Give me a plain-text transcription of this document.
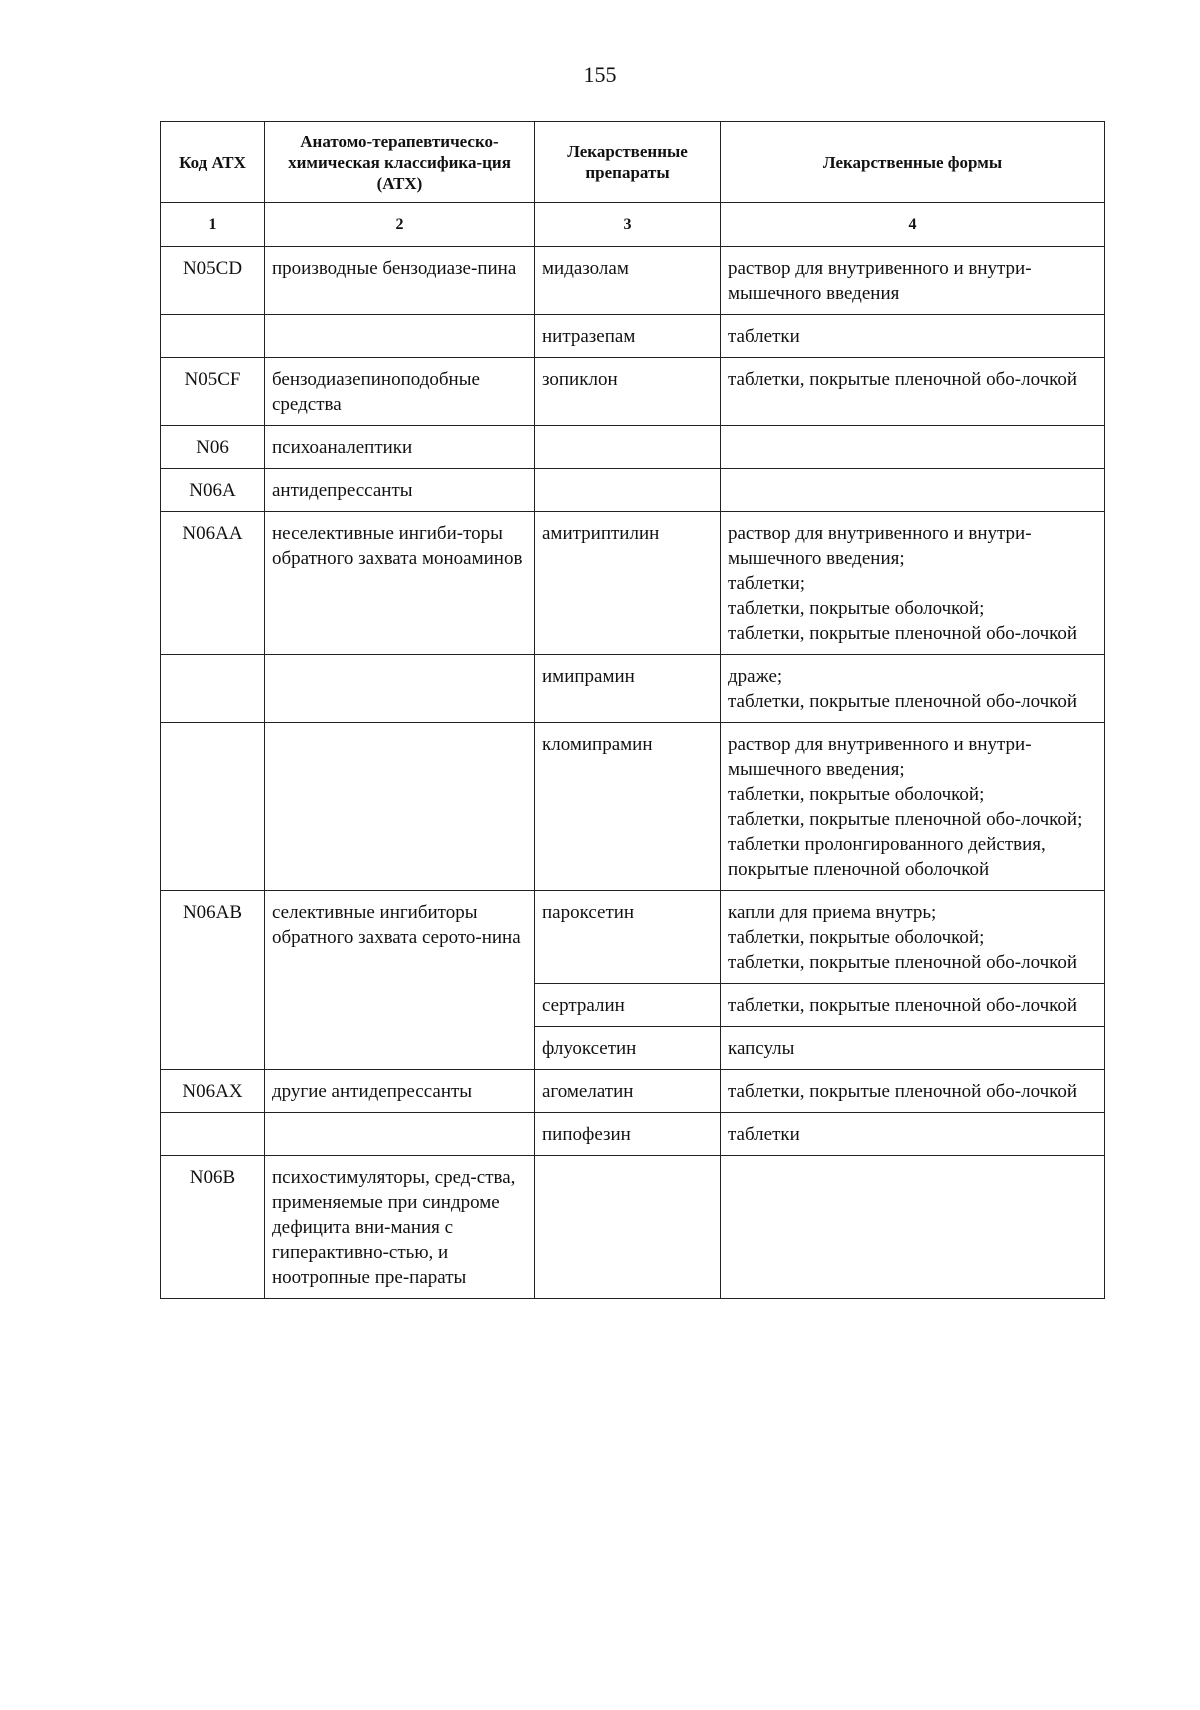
155
Код АТХ	Анатомо-терапевтическо-химическая классифика-ция (АТХ)	Лекарственные препараты	Лекарственные формы
1	2	3	4
N05CD	производные бензодиазе-пина	мидазолам	раствор для внутривенного и внутри-мышечного введения

		нитразепам	таблетки

N05CF	бензодиазепиноподобные средства	зопиклон	таблетки, покрытые пленочной обо-лочкой

N06	психоаналептики		
N06A	антидепрессанты		
N06AA	неселективные ингиби-торы обратного захвата моноаминов	амитриптилин	раствор для внутривенного и внутри-мышечного введения;
таблетки;
таблетки, покрытые оболочкой;
таблетки, покрытые пленочной обо-лочкой

		имипрамин	драже;
таблетки, покрытые пленочной обо-лочкой

		кломипрамин	раствор для внутривенного и внутри-мышечного введения;
таблетки, покрытые оболочкой;
таблетки, покрытые пленочной обо-лочкой;
таблетки пролонгированного действия, покрытые пленочной оболочкой

N06AB	селективные ингибиторы обратного захвата серото-нина	пароксетин	капли для приема внутрь;
таблетки, покрытые оболочкой;
таблетки, покрытые пленочной обо-лочкой

		сертралин	таблетки, покрытые пленочной обо-лочкой

		флуоксетин	капсулы

N06AX	другие антидепрессанты	агомелатин	таблетки, покрытые пленочной обо-лочкой

		пипофезин	таблетки

N06B	психостимуляторы, сред-ства, применяемые при синдроме дефицита вни-мания с гиперактивно-стью, и ноотропные пре-параты		
